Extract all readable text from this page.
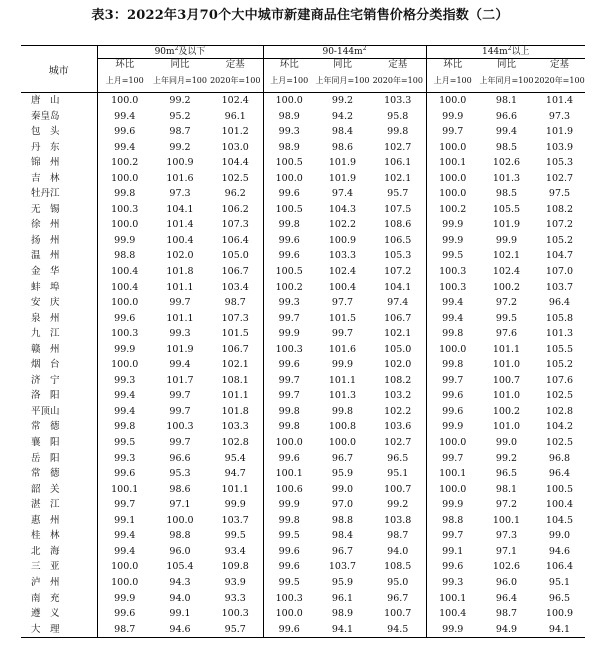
表3：2022年3月70个大中城市新建商品住宅销售价格分类指数（二）
城市	$90m^2$及以下			$90-144m^2$			$144m^2$以上		
	环比	同比	定基	环比	同比	定基	环比	同比	定基
	上月=100	上年同月=100	2020年=100	上月=100	上年同月=100	2020年=100	上月=100	上年同月=100	2020年=100
唐　山	100.0	99.2	102.4	100.0	99.2	103.3	100.0	98.1	101.4
秦皇岛	99.4	95.2	96.1	98.9	94.2	95.8	99.9	96.6	97.3
包　头	99.6	98.7	101.2	99.3	98.4	99.8	99.7	99.4	101.9
丹　东	99.4	99.2	103.0	98.9	98.6	102.7	100.0	98.5	103.9
锦　州	100.2	100.9	104.4	100.5	101.9	106.1	100.1	102.6	105.3
吉　林	100.0	101.6	102.5	100.0	101.9	102.1	100.0	101.3	102.7
牡丹江	99.8	97.3	96.2	99.6	97.4	95.7	100.0	98.5	97.5
无　锡	100.3	104.1	106.2	100.5	104.3	107.5	100.2	105.5	108.2
徐　州	100.0	101.4	107.3	99.8	102.2	108.6	99.9	101.9	107.2
扬　州	99.9	100.4	106.4	99.6	100.9	106.5	99.9	99.9	105.2
温　州	98.8	102.0	105.0	99.6	103.3	105.3	99.5	102.1	104.7
金　华	100.4	101.8	106.7	100.5	102.4	107.2	100.3	102.4	107.0
蚌　埠	100.4	101.1	103.4	100.2	100.4	104.1	100.3	100.2	103.7
安　庆	100.0	99.7	98.7	99.3	97.7	97.4	99.4	97.2	96.4
泉　州	99.6	101.1	107.3	99.7	101.5	106.7	99.4	99.5	105.8
九　江	100.3	99.3	101.5	99.9	99.7	102.1	99.8	97.6	101.3
赣　州	99.9	101.9	106.7	100.3	101.6	105.0	100.0	101.1	105.5
烟　台	100.0	99.4	102.1	99.6	99.9	102.0	99.8	101.0	105.2
济　宁	99.3	101.7	108.1	99.7	101.1	108.2	99.7	100.7	107.6
洛　阳	99.4	99.7	101.1	99.7	101.3	103.2	99.6	101.0	102.5
平顶山	99.4	99.7	101.8	99.8	99.8	102.2	99.6	100.2	102.8
常　德	99.8	100.3	103.3	99.8	100.8	103.6	99.9	101.0	104.2
襄　阳	99.5	99.7	102.8	100.0	100.0	102.7	100.0	99.0	102.5
岳　阳	99.3	96.6	95.4	99.6	96.7	96.5	99.7	99.2	96.8
常　德	99.6	95.3	94.7	100.1	95.9	95.1	100.1	96.5	96.4
韶　关	100.1	98.6	101.1	100.6	99.0	100.7	100.0	98.1	100.5
湛　江	99.7	97.1	99.9	99.9	97.0	99.2	99.9	97.2	100.4
惠　州	99.1	100.0	103.7	99.8	98.8	103.8	98.8	100.1	104.5
桂　林	99.4	98.8	99.5	99.5	98.4	98.7	99.7	97.3	99.0
北　海	99.4	96.0	93.4	99.6	96.7	94.0	99.1	97.1	94.6
三　亚	100.0	105.4	109.8	99.6	103.7	108.5	99.6	102.6	106.4
泸　州	100.0	94.3	93.9	99.5	95.9	95.0	99.3	96.0	95.1
南　充	99.9	94.0	93.3	100.3	96.1	96.7	100.1	96.4	96.5
遵　义	99.6	99.1	100.3	100.0	98.9	100.7	100.4	98.7	100.9
大　理	98.7	94.6	95.7	99.6	94.1	94.5	99.9	94.9	94.1
